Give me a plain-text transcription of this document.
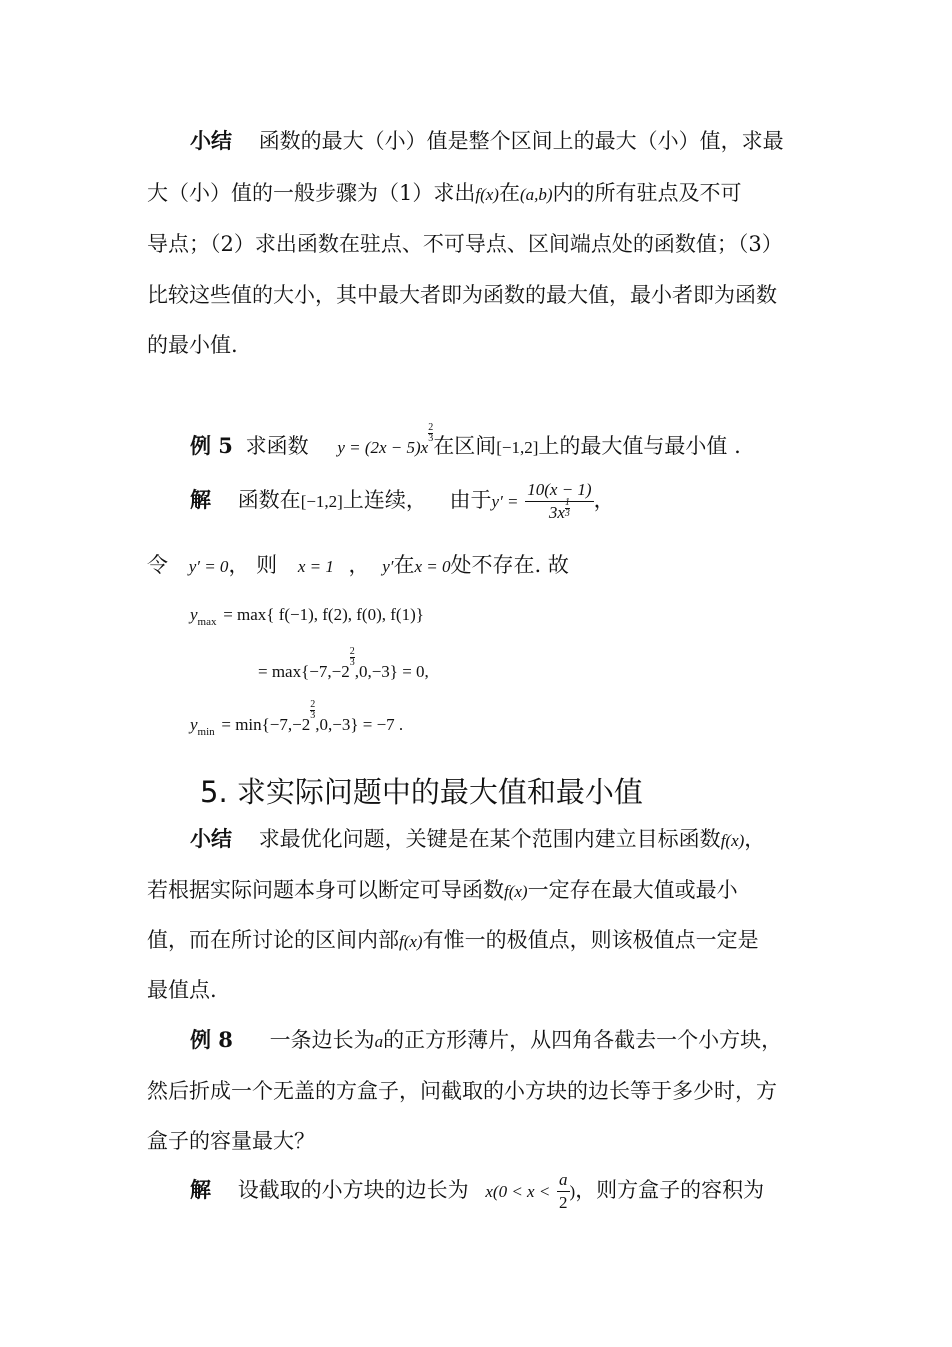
小结 函数的最大（小）值是整个区间上的最大（小）值，求最
大（小）值的一般步骤为（1）求出f(x)在(a,b)内的所有驻点及不可
导点；（2）求出函数在驻点、不可导点、区间端点处的函数值；（3）
比较这些值的大小，其中最大者即为函数的最大值，最小者即为函数
的最小值.
例 5 求函数 y = (2x − 5)x
$\frac{2}{3}$
在区间[−1,2]上的最大值与最小值 .
解 函数在[−1,2]上连续， 由于$y' = \frac{10(x - 1)}{3x \frac{1}{3}}$ ，
令 y′ = 0， 则 x = 1 ， y′在x = 0处不存在. 故
$y_{max} = \max${ f(−1), f(2), f(0), f(1)}
= max{−7,−2
$\frac{2}{3}$
,0,−3} = 0,
$y_{min} = \min\{-7,-2$
$\frac{2}{3}$
,0,−3} = −7 .
5. 求实际问题中的最大值和最小值
小结 求最优化问题，关键是在某个范围内建立目标函数f(x)，
若根据实际问题本身可以断定可导函数f(x)一定存在最大值或最小
值，而在所讨论的区间内部f(x)有惟一的极值点，则该极值点一定是
最值点.
例 8 一条边长为a的正方形薄片，从四角各截去一个小方块，
然后折成一个无盖的方盒子，问截取的小方块的边长等于多少时，方
盒子的容量最大？
解 设截取的小方块的边长为 $x(0 < x < \frac{a}{2}$ )，则方盒子的容积为
